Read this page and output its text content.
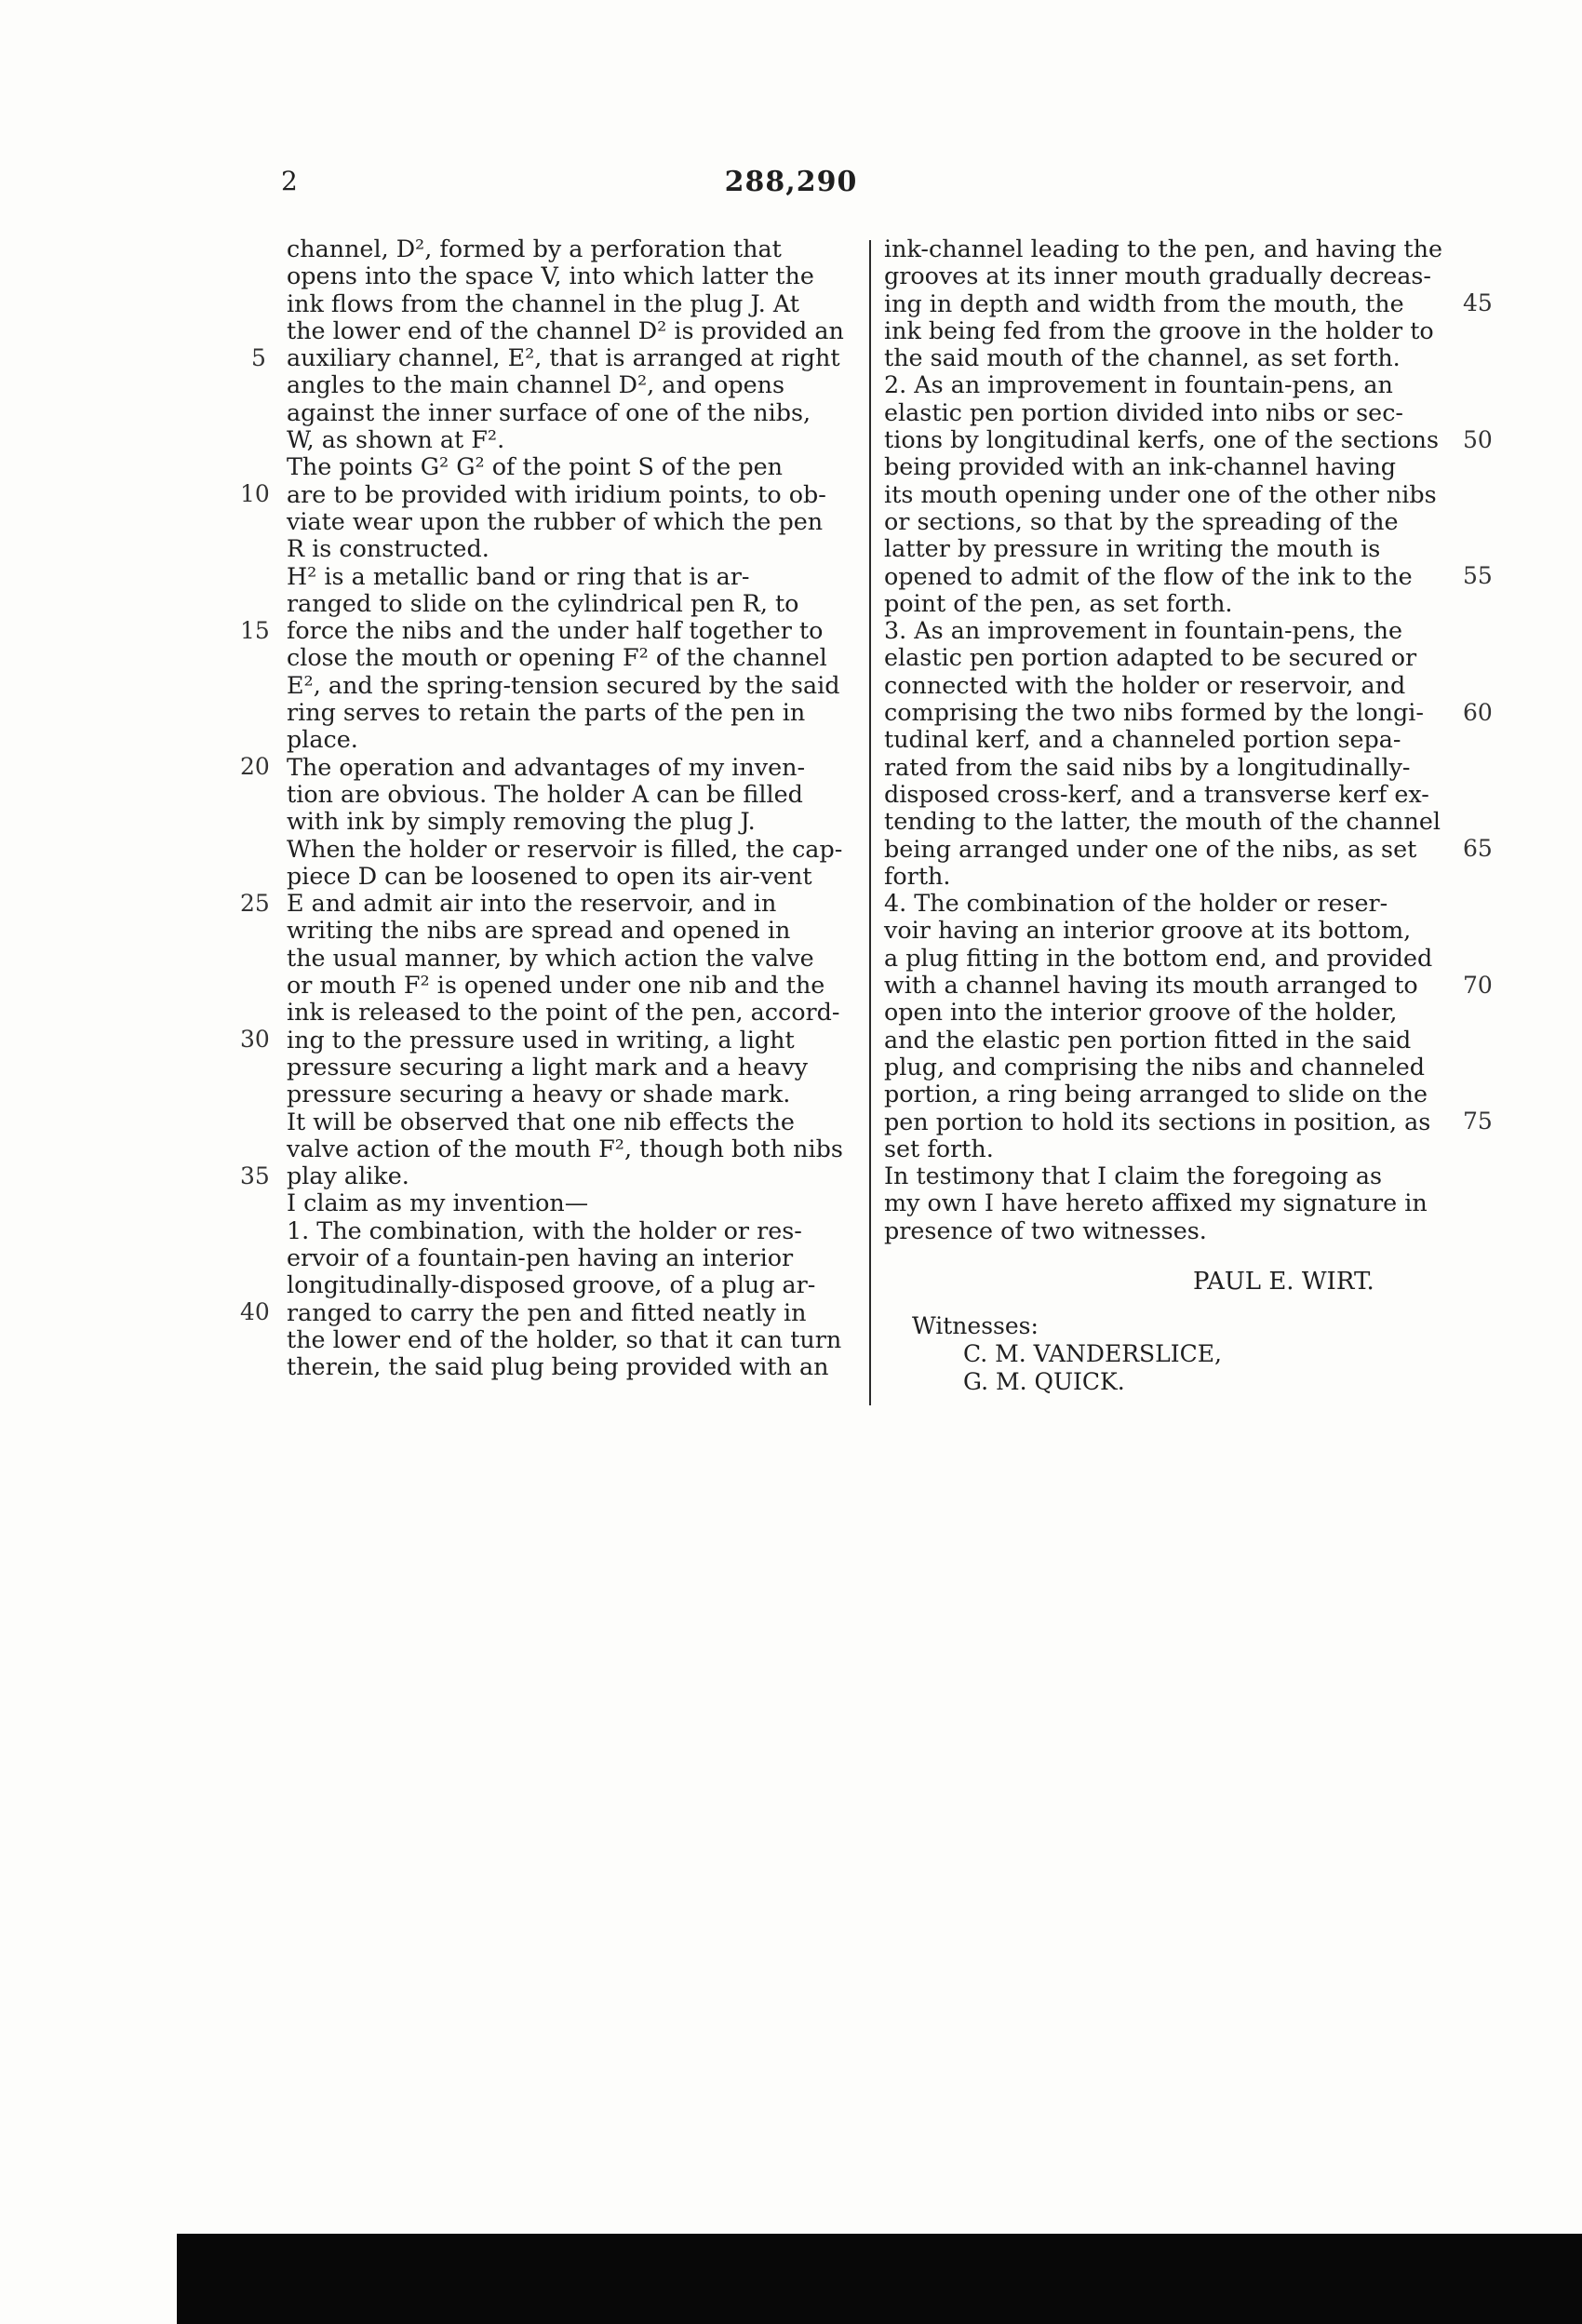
2	288,290
channel, D², formed by a perforation that
opens into the space V, into which latter the
ink flows from the channel in the plug J. At
the lower end of the channel D² is provided an
auxiliary channel, E², that is arranged at right
angles to the main channel D², and opens
against the inner surface of one of the nibs,
W, as shown at F².
The points G² G² of the point S of the pen
are to be provided with iridium points, to ob-
viate wear upon the rubber of which the pen
R is constructed.
H² is a metallic band or ring that is ar-
ranged to slide on the cylindrical pen R, to
force the nibs and the under half together to
close the mouth or opening F² of the channel
E², and the spring-tension secured by the said
ring serves to retain the parts of the pen in
place.
The operation and advantages of my inven-
tion are obvious. The holder A can be filled
with ink by simply removing the plug J.
When the holder or reservoir is filled, the cap-
piece D can be loosened to open its air-vent
E and admit air into the reservoir, and in
writing the nibs are spread and opened in
the usual manner, by which action the valve
or mouth F² is opened under one nib and the
ink is released to the point of the pen, accord-
ing to the pressure used in writing, a light
pressure securing a light mark and a heavy
pressure securing a heavy or shade mark.
It will be observed that one nib effects the
valve action of the mouth F², though both nibs
play alike.
I claim as my invention—
1. The combination, with the holder or res-
ervoir of a fountain-pen having an interior
longitudinally-disposed groove, of a plug ar-
ranged to carry the pen and fitted neatly in
the lower end of the holder, so that it can turn
therein, the said plug being provided with an
ink-channel leading to the pen, and having the
grooves at its inner mouth gradually decreas-
ing in depth and width from the mouth, the
ink being fed from the groove in the holder to
the said mouth of the channel, as set forth.
2. As an improvement in fountain-pens, an
elastic pen portion divided into nibs or sec-
tions by longitudinal kerfs, one of the sections
being provided with an ink-channel having
its mouth opening under one of the other nibs
or sections, so that by the spreading of the
latter by pressure in writing the mouth is
opened to admit of the flow of the ink to the
point of the pen, as set forth.
3. As an improvement in fountain-pens, the
elastic pen portion adapted to be secured or
connected with the holder or reservoir, and
comprising the two nibs formed by the longi-
tudinal kerf, and a channeled portion sepa-
rated from the said nibs by a longitudinally-
disposed cross-kerf, and a transverse kerf ex-
tending to the latter, the mouth of the channel
being arranged under one of the nibs, as set
forth.
4. The combination of the holder or reser-
voir having an interior groove at its bottom,
a plug fitting in the bottom end, and provided
with a channel having its mouth arranged to
open into the interior groove of the holder,
and the elastic pen portion fitted in the said
plug, and comprising the nibs and channeled
portion, a ring being arranged to slide on the
pen portion to hold its sections in position, as
set forth.
In testimony that I claim the foregoing as
my own I have hereto affixed my signature in
presence of two witnesses.
5
10
15
20
25
30
35
40
45
50
55
60
65
70
75
PAUL E. WIRT.
Witnesses:
C. M. VANDERSLICE,
G. M. QUICK.
